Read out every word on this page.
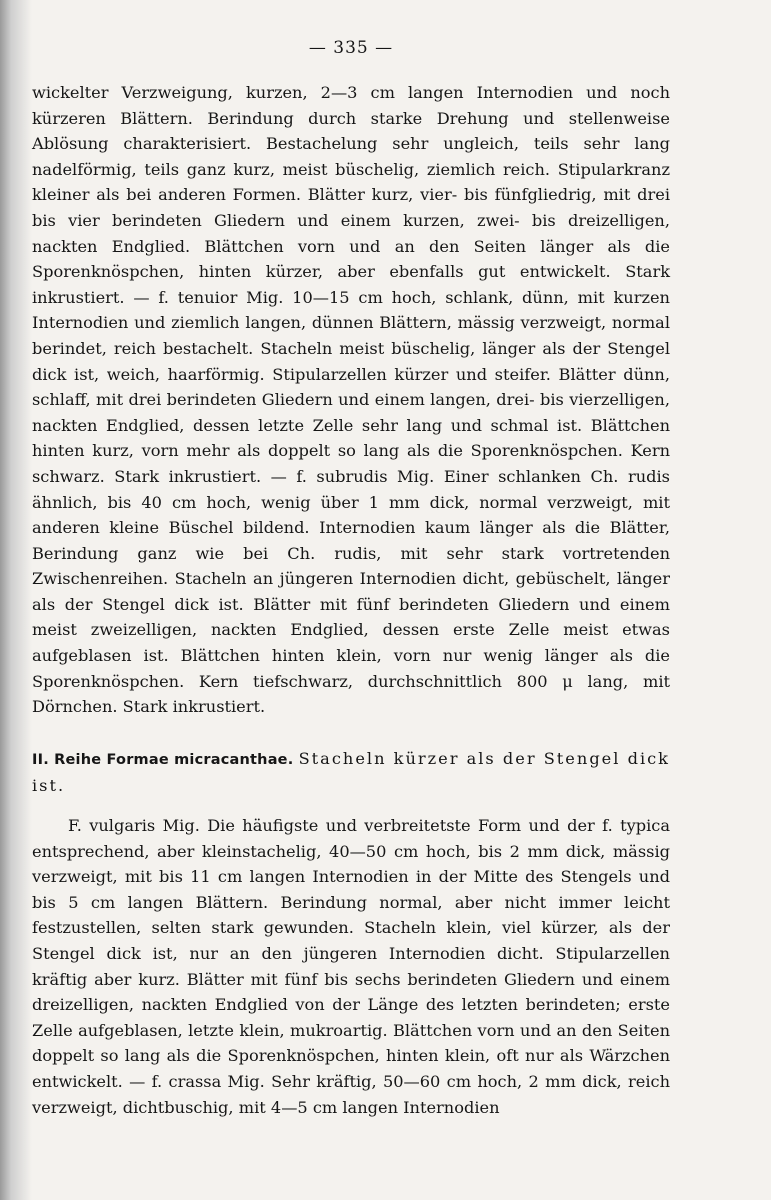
— 335 —

wickelter Verzweigung, kurzen, 2—3 cm langen Internodien und noch kürzeren Blättern. Berindung durch starke Drehung und stellenweise Ablösung charakterisiert. Bestachelung sehr ungleich, teils sehr lang nadelförmig, teils ganz kurz, meist büschelig, ziemlich reich. Stipularkranz kleiner als bei anderen Formen. Blätter kurz, vier- bis fünfgliedrig, mit drei bis vier berindeten Gliedern und einem kurzen, zwei- bis dreizelligen, nackten Endglied. Blättchen vorn und an den Seiten länger als die Sporenknöspchen, hinten kürzer, aber ebenfalls gut entwickelt. Stark inkrustiert. — f. tenuior Mig. 10—15 cm hoch, schlank, dünn, mit kurzen Internodien und ziemlich langen, dünnen Blättern, mässig verzweigt, normal berindet, reich bestachelt. Stacheln meist büschelig, länger als der Stengel dick ist, weich, haarförmig. Stipularzellen kürzer und steifer. Blätter dünn, schlaff, mit drei berindeten Gliedern und einem langen, drei- bis vierzelligen, nackten Endglied, dessen letzte Zelle sehr lang und schmal ist. Blättchen hinten kurz, vorn mehr als doppelt so lang als die Sporenknöspchen. Kern schwarz. Stark inkrustiert. — f. subrudis Mig. Einer schlanken Ch. rudis ähnlich, bis 40 cm hoch, wenig über 1 mm dick, normal verzweigt, mit anderen kleine Büschel bildend. Internodien kaum länger als die Blätter, Berindung ganz wie bei Ch. rudis, mit sehr stark vortretenden Zwischenreihen. Stacheln an jüngeren Internodien dicht, gebüschelt, länger als der Stengel dick ist. Blätter mit fünf berindeten Gliedern und einem meist zweizelligen, nackten Endglied, dessen erste Zelle meist etwas aufgeblasen ist. Blättchen hinten klein, vorn nur wenig länger als die Sporenknöspchen. Kern tiefschwarz, durchschnittlich 800 μ lang, mit Dörnchen. Stark inkrustiert.

II. Reihe Formae micracanthae. Stacheln kürzer als der Stengel dick ist.

F. vulgaris Mig. Die häufigste und verbreitetste Form und der f. typica entsprechend, aber kleinstachelig, 40—50 cm hoch, bis 2 mm dick, mässig verzweigt, mit bis 11 cm langen Internodien in der Mitte des Stengels und bis 5 cm langen Blättern. Berindung normal, aber nicht immer leicht festzustellen, selten stark gewunden. Stacheln klein, viel kürzer, als der Stengel dick ist, nur an den jüngeren Internodien dicht. Stipularzellen kräftig aber kurz. Blätter mit fünf bis sechs berindeten Gliedern und einem dreizelligen, nackten Endglied von der Länge des letzten berindeten; erste Zelle aufgeblasen, letzte klein, mukroartig. Blättchen vorn und an den Seiten doppelt so lang als die Sporenknöspchen, hinten klein, oft nur als Wärzchen entwickelt. — f. crassa Mig. Sehr kräftig, 50—60 cm hoch, 2 mm dick, reich verzweigt, dichtbuschig, mit 4—5 cm langen Internodien
